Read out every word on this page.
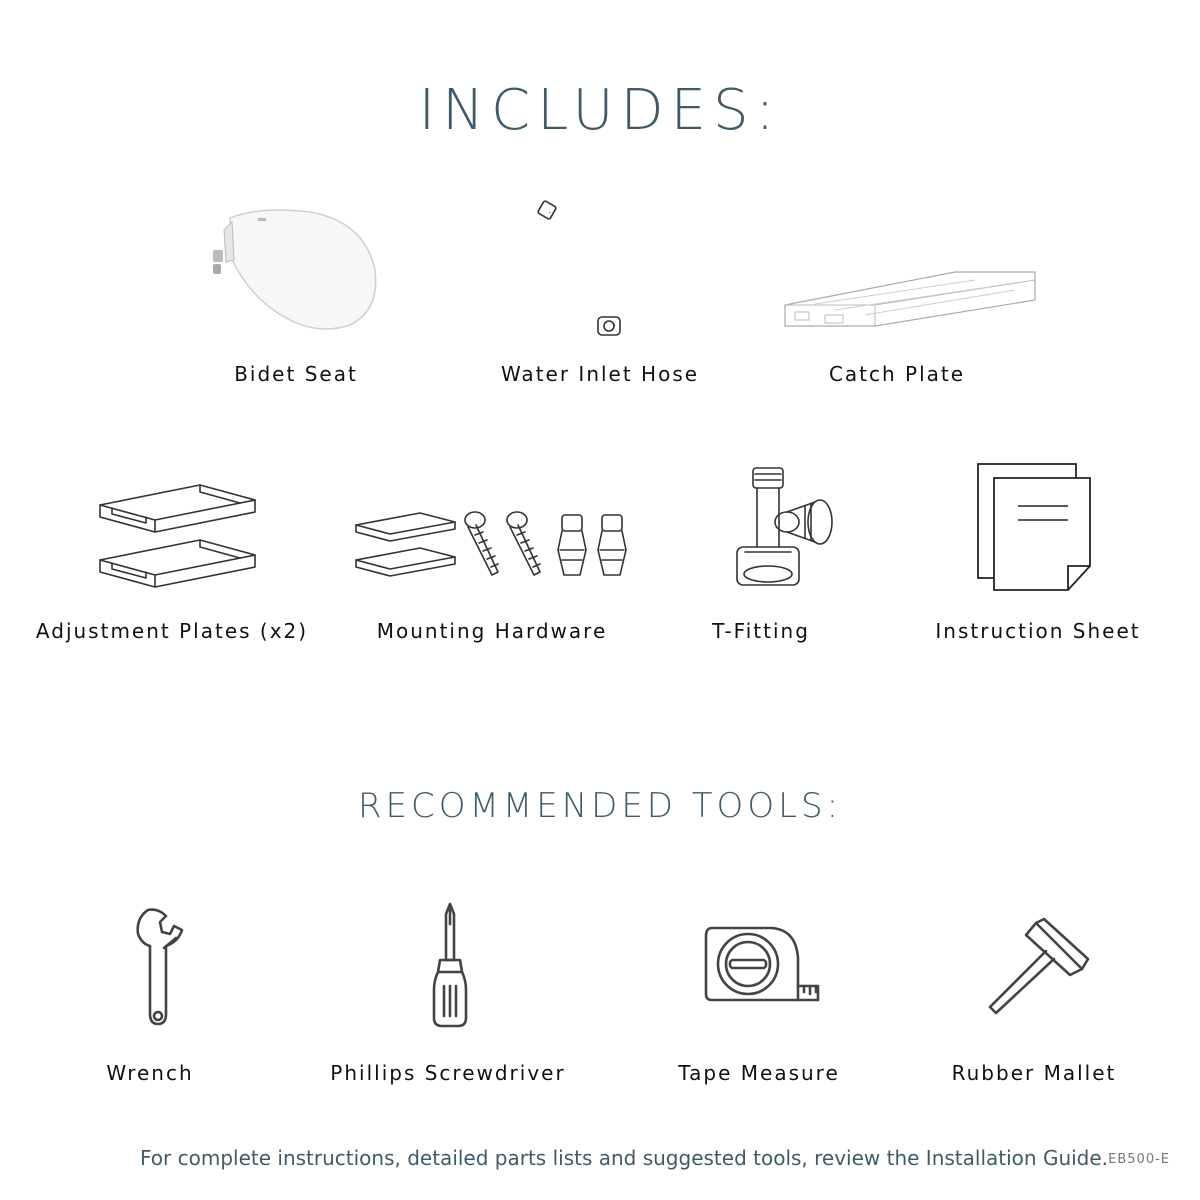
INCLUDES:
Bidet Seat	Water Inlet Hose	Catch Plate
Adjustment Plates (x2)	Mounting Hardware	T-Fitting	Instruction Sheet
RECOMMENDED TOOLS:
Wrench	Phillips Screwdriver	Tape Measure	Rubber Mallet
For complete instructions, detailed parts lists and suggested tools, review the Installation Guide. EB500-E
